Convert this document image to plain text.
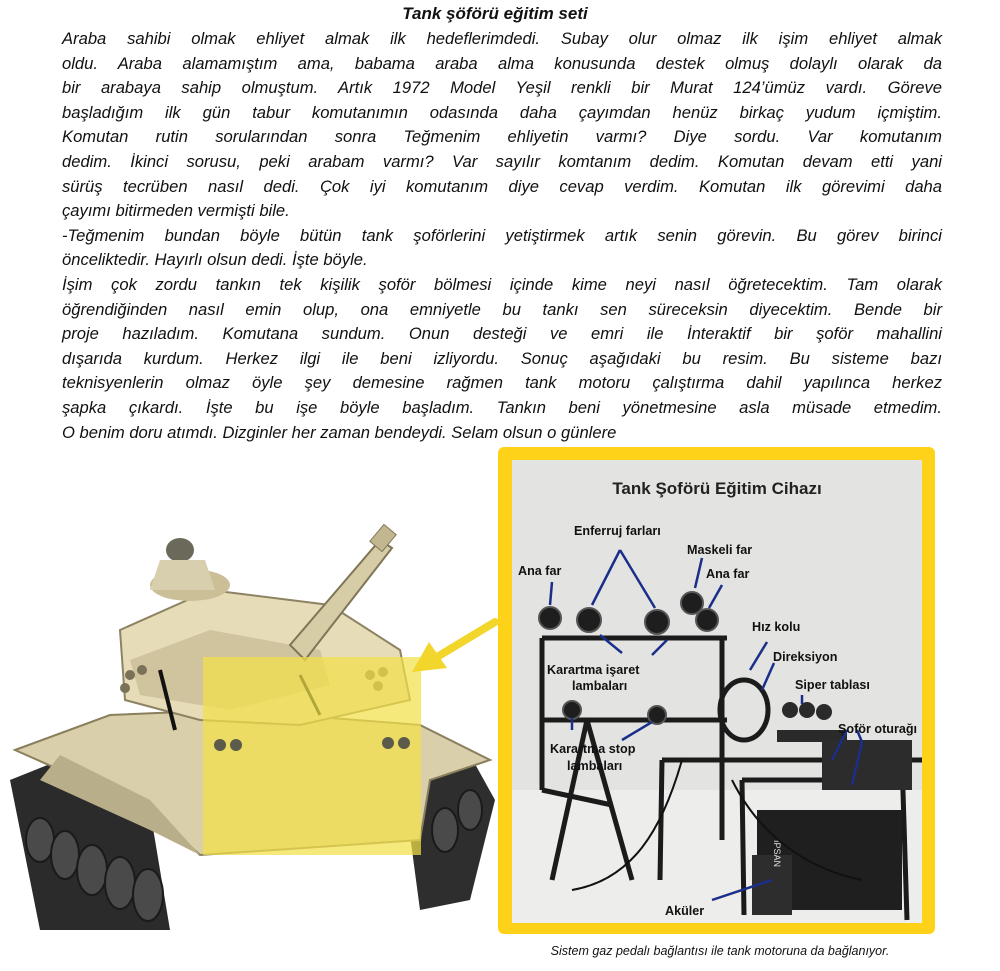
Tank şöförü eğitim seti
Araba sahibi olmak ehliyet almak ilk hedeflerimdedi. Subay olur olmaz ilk işim ehliyet almak
oldu. Araba alamamıştım ama, babama araba alma konusunda destek olmuş dolaylı olarak da
bir arabaya sahip olmuştum. Artık 1972 Model Yeşil renkli bir Murat 124’ümüz vardı. Göreve
başladığım ilk gün tabur komutanımın odasında daha çayımdan henüz birkaç yudum içmiştim.
Komutan rutin sorularından sonra Teğmenim ehliyetin varmı? Diye sordu. Var komutanım
dedim. İkinci sorusu, peki arabam varmı? Var sayılır komtanım dedim. Komutan devam etti yani
sürüş tecrüben nasıl dedi. Çok iyi komutanım diye cevap verdim. Komutan ilk görevimi daha
çayımı bitirmeden vermişti bile.
-Teğmenim bundan böyle bütün tank şoförlerini yetiştirmek artık senin görevin. Bu görev birinci
önceliktedir. Hayırlı olsun dedi. İşte böyle.
İşim çok zordu tankın tek kişilik şoför bölmesi içinde kime neyi nasıl öğretecektim. Tam olarak
öğrendiğinden nasıl emin olup, ona emniyetle bu tankı sen süreceksin diyecektim. Bende bir
proje hazıladım. Komutana sundum. Onun desteği ve emri ile İnteraktif bir şoför mahallini
dışarıda kurdum. Herkez ilgi ile beni izliyordu. Sonuç aşağıdaki bu resim. Bu sisteme bazı
teknisyenlerin olmaz öyle şey demesine rağmen tank motoru çalıştırma dahil yapılınca herkez
şapka çıkardı. İşte bu işe böyle başladım. Tankın beni yönetmesine asla müsade etmedim.
O benim doru atımdı. Dizginler her zaman bendeydi. Selam olsun o günlere
IPSAN
Tank Şoförü Eğitim Cihazı
Enferruj farları
Maskeli far
Ana far	Ana far
Hız kolu
Direksiyon
Karartma işaret
lambaları	Siper tablası
Şoför oturağı
Karartma stop
lambaları
Aküler
Sistem gaz pedalı bağlantısı ile tank motoruna da bağlanıyor.
